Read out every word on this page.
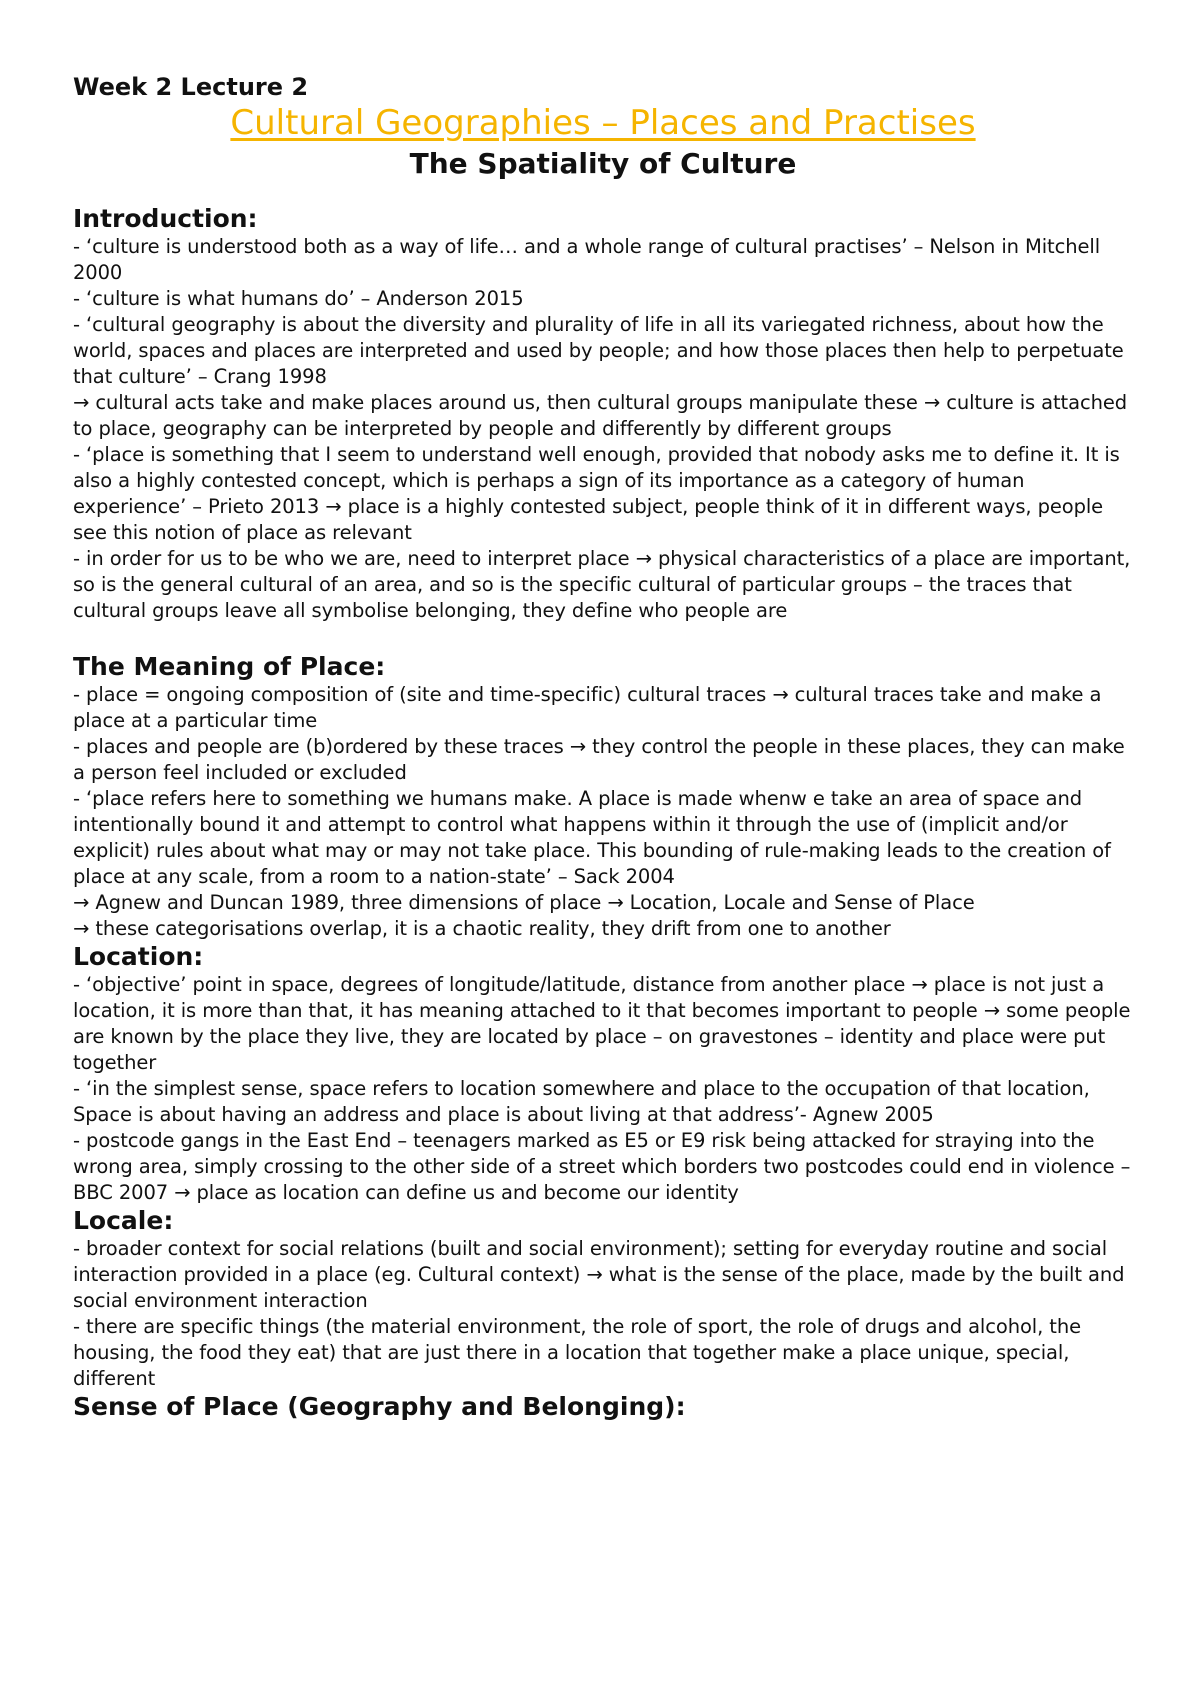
Week 2 Lecture 2

Cultural Geographies – Places and Practises
The Spatiality of Culture
Introduction:

- ‘culture is understood both as a way of life… and a whole range of cultural practises’ – Nelson in Mitchell 2000

- ‘culture is what humans do’ – Anderson 2015

- ‘cultural geography is about the diversity and plurality of life in all its variegated richness, about how the world, spaces and places are interpreted and used by people; and how those places then help to perpetuate that culture’ – Crang 1998

→ cultural acts take and make places around us, then cultural groups manipulate these → culture is attached to place, geography can be interpreted by people and differently by different groups

- ‘place is something that I seem to understand well enough, provided that nobody asks me to define it. It is also a highly contested concept, which is perhaps a sign of its importance as a category of human experience’ – Prieto 2013 → place is a highly contested subject, people think of it in different ways, people see this notion of place as relevant

- in order for us to be who we are, need to interpret place → physical characteristics of a place are important, so is the general cultural of an area, and so is the specific cultural of particular groups – the traces that cultural groups leave all symbolise belonging, they define who people are

The Meaning of Place:

- place = ongoing composition of (site and time-specific) cultural traces → cultural traces take and make a place at a particular time

- places and people are (b)ordered by these traces → they control the people in these places, they can make a person feel included or excluded

- ‘place refers here to something we humans make. A place is made whenw e take an area of space and intentionally bound it and attempt to control what happens within it through the use of (implicit and/or explicit) rules about what may or may not take place. This bounding of rule-making leads to the creation of place at any scale, from a room to a nation-state’ – Sack 2004

→ Agnew and Duncan 1989, three dimensions of place → Location, Locale and Sense of Place

→ these categorisations overlap, it is a chaotic reality, they drift from one to another

Location:

- ‘objective’ point in space, degrees of longitude/latitude, distance from another place → place is not just a location, it is more than that, it has meaning attached to it that becomes important to people → some people are known by the place they live, they are located by place – on gravestones – identity and place were put together

- ‘in the simplest sense, space refers to location somewhere and place to the occupation of that location, Space is about having an address and place is about living at that address’- Agnew 2005

- postcode gangs in the East End – teenagers marked as E5 or E9 risk being attacked for straying into the wrong area, simply crossing to the other side of a street which borders two postcodes could end in violence – BBC 2007 → place as location can define us and become our identity

Locale:

- broader context for social relations (built and social environment); setting for everyday routine and social interaction provided in a place (eg. Cultural context) → what is the sense of the place, made by the built and social environment interaction

- there are specific things (the material environment, the role of sport, the role of drugs and alcohol, the housing, the food they eat) that are just there in a location that together make a place unique, special, different

Sense of Place (Geography and Belonging):
